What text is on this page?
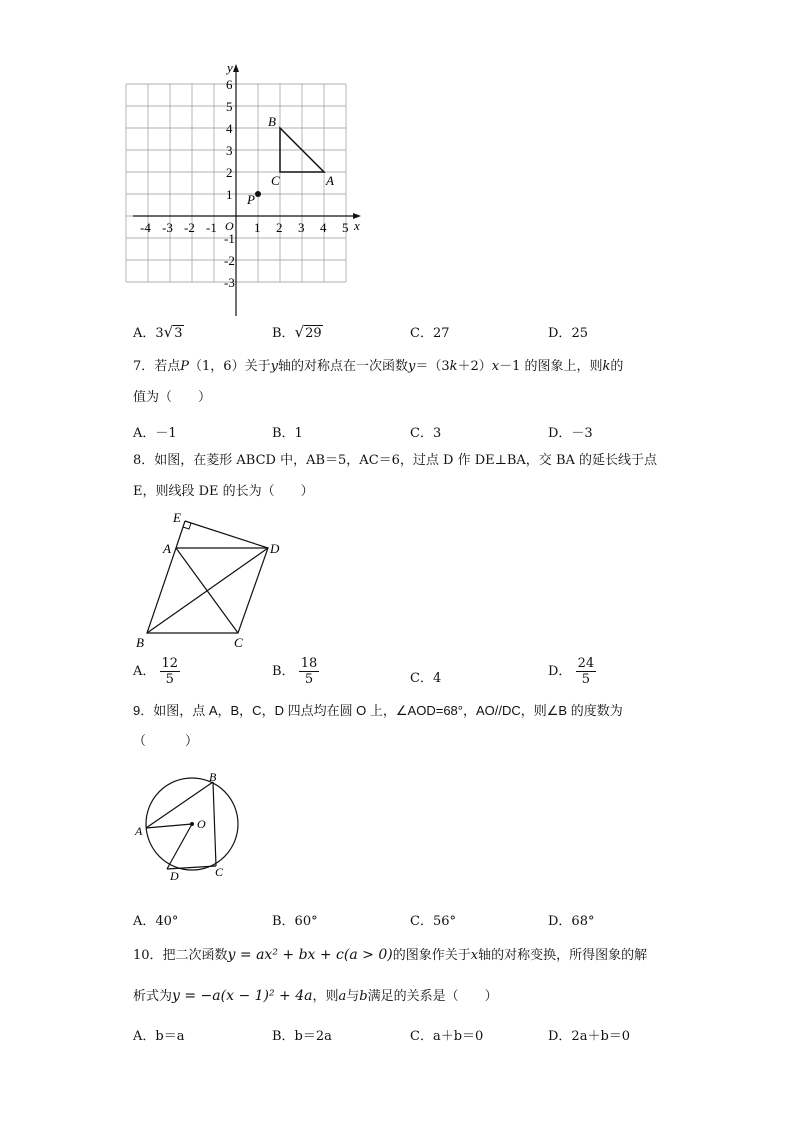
x
y
O
-4 -3 -2 -1	1 2 3 4 5
6
5
4
3
2
1
-1
-2
-3
B
C	A
P
A．3√3	B．√29	C．27	D．25
7．若点P（1，6）关于y轴的对称点在一次函数y＝（3k＋2）x－1 的图象上，则k的
值为（　　）
A．－1	B．1	C．3	D．－3
8．如图，在菱形 ABCD 中，AB＝5，AC＝6，过点 D 作 DE⊥BA，交 BA 的延长线于点
E，则线段 DE 的长为（　　）
E
A	D
B	C
A． $\frac{12}{5}$	B． $\frac{18}{5}$	C．4	D． $\frac{24}{5}$
9．如图，点 A，B，C，D 四点均在圆 O 上，∠AOD=68°，AO//DC，则∠B 的度数为
（　　　）
O
A
B
C
D
A．40°	B．60°	C．56°	D．68°
10．把二次函数y = ax² + bx + c(a > 0)的图象作关于x轴的对称变换，所得图象的解
析式为y = −a(x − 1)² + 4a，则a与b满足的关系是（　　）
A．b＝a	B．b＝2a	C．a＋b＝0	D．2a＋b＝0
